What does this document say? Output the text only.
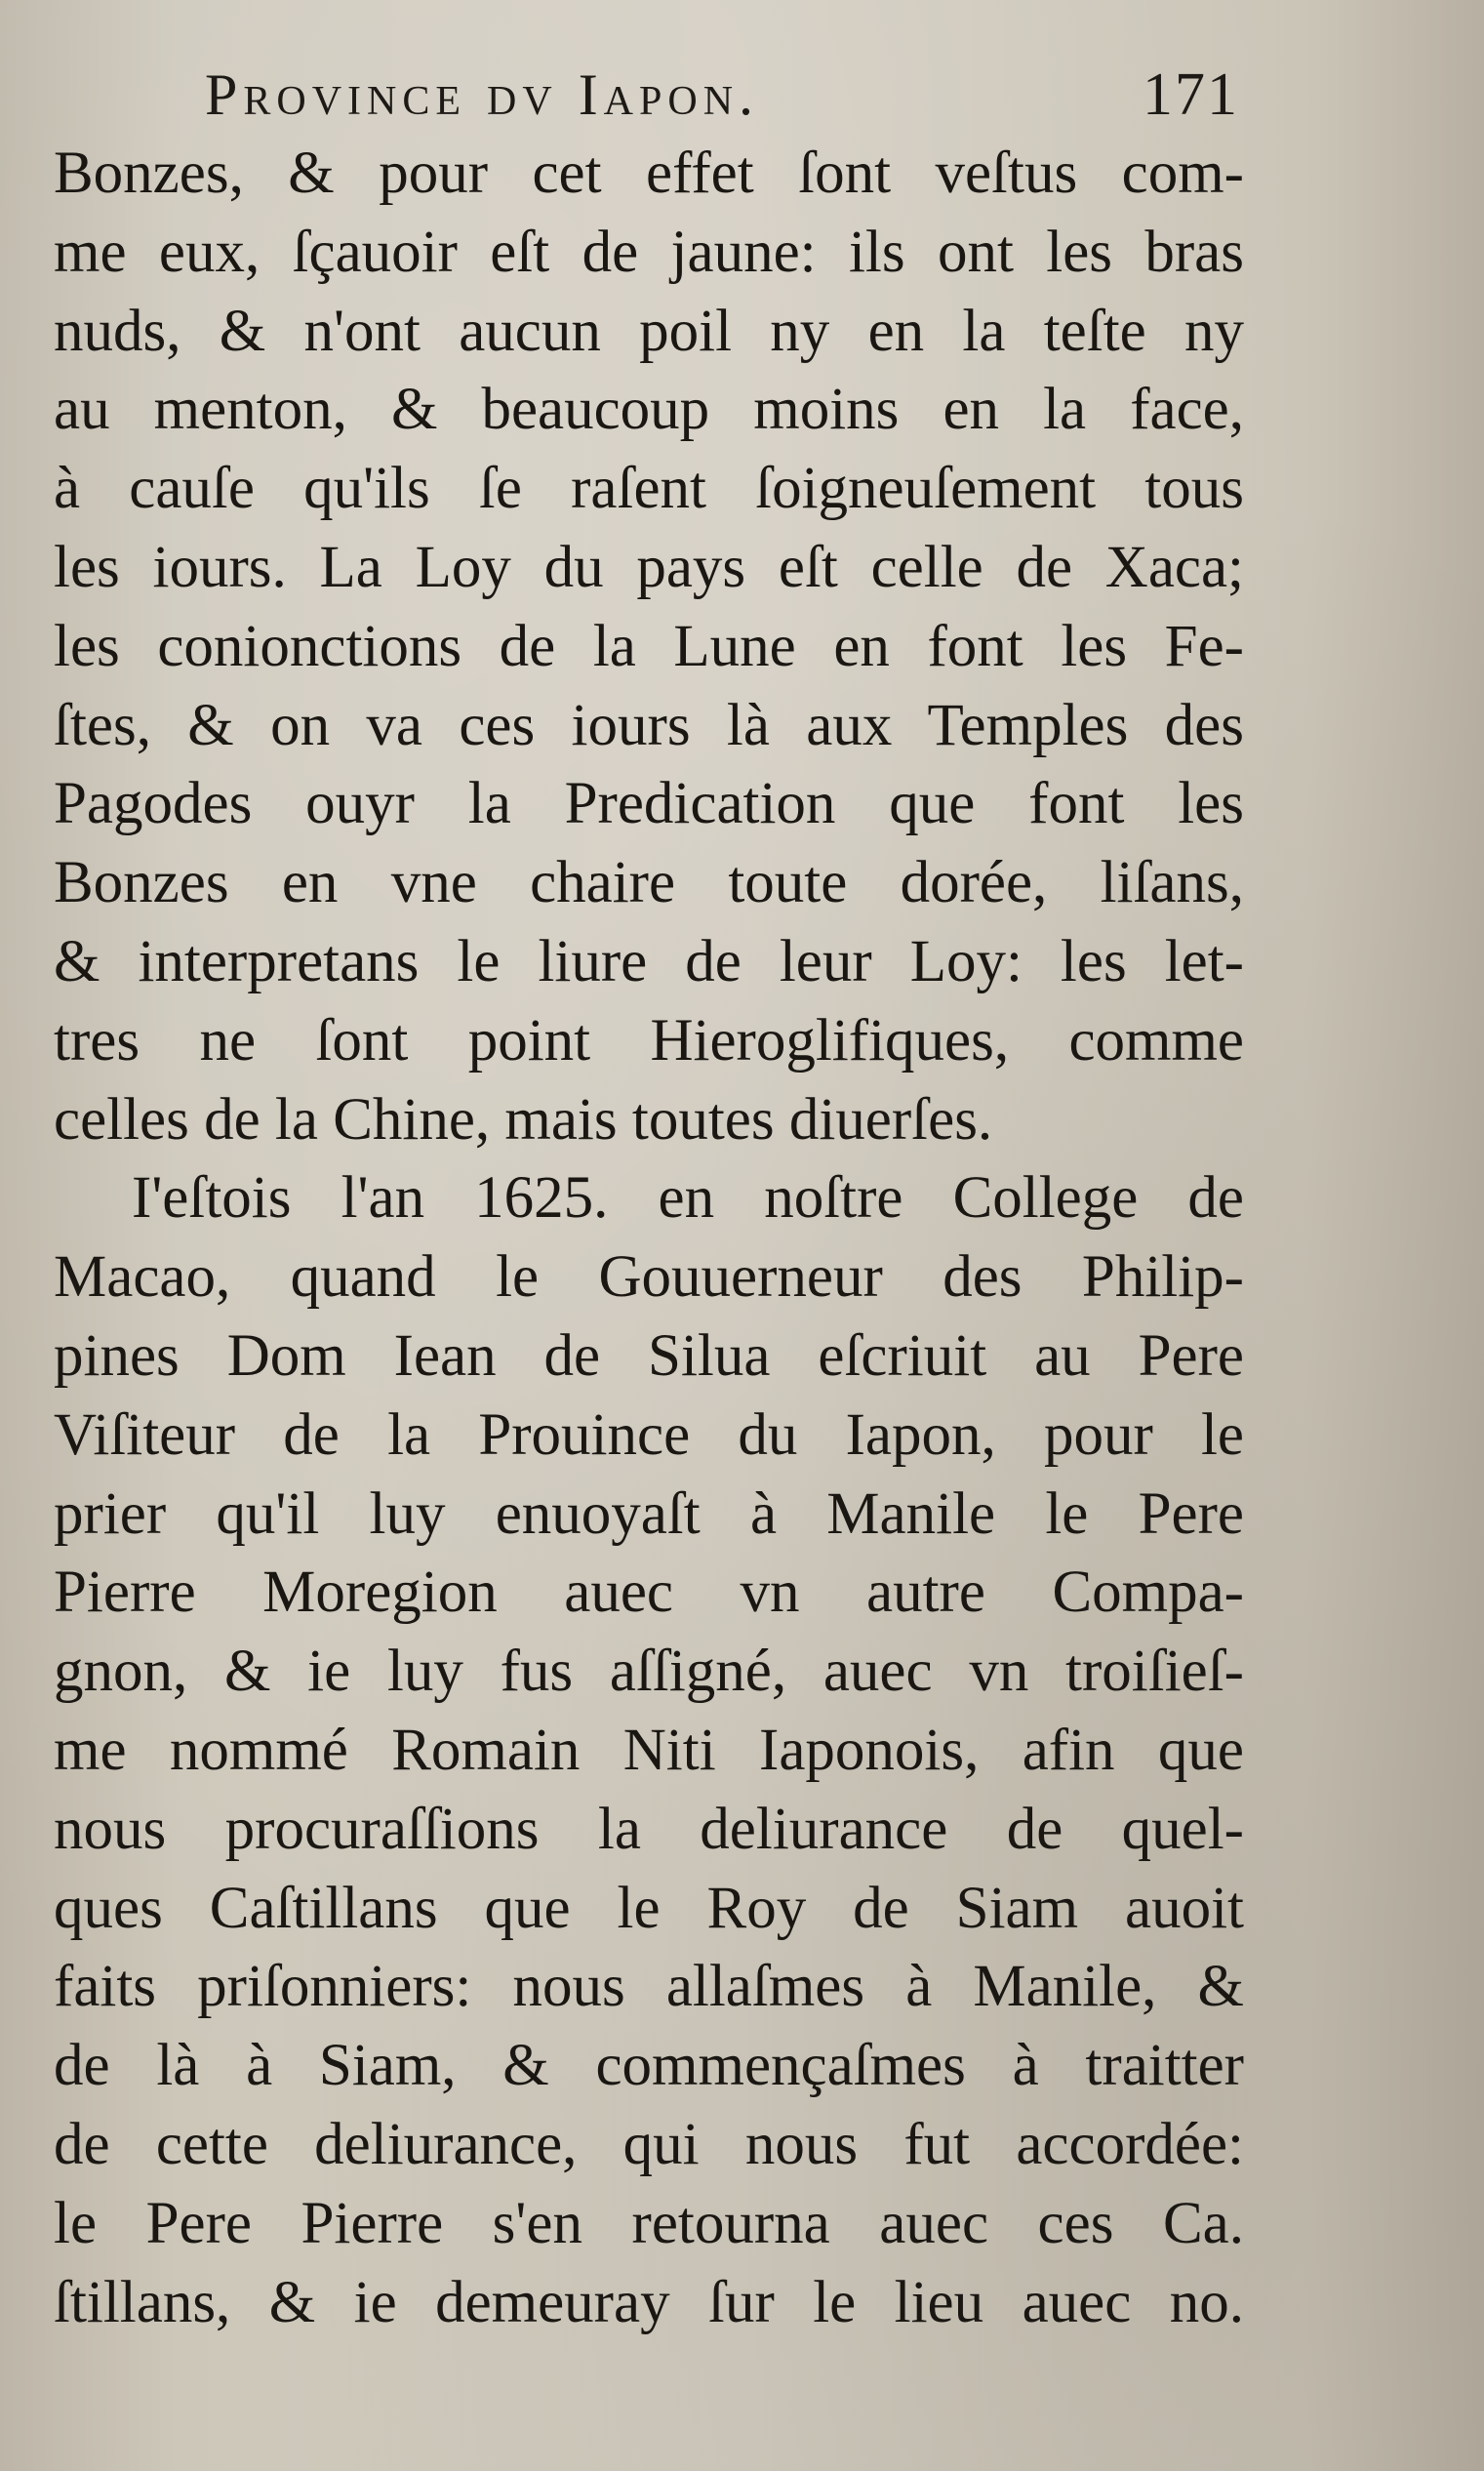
Province dv Iapon.	171
Bonzes, & pour cet effet ſont veſtus com-
me eux, ſçauoir eſt de jaune: ils ont les bras
nuds, & n'ont aucun poil ny en la teſte ny
au menton, & beaucoup moins en la face,
à cauſe qu'ils ſe raſent ſoigneuſement tous
les iours. La Loy du pays eſt celle de Xaca;
les conionctions de la Lune en font les Fe-
ſtes, & on va ces iours là aux Temples des
Pagodes ouyr la Predication que font les
Bonzes en vne chaire toute dorée, liſans,
& interpretans le liure de leur Loy: les let-
tres ne ſont point Hieroglifiques, comme
celles de la Chine, mais toutes diuerſes.
I'eſtois l'an 1625. en noſtre College de
Macao, quand le Gouuerneur des Philip-
pines Dom Iean de Silua eſcriuit au Pere
Viſiteur de la Prouince du Iapon, pour le
prier qu'il luy enuoyaſt à Manile le Pere
Pierre Moregion auec vn autre Compa-
gnon, & ie luy fus aſſigné, auec vn troiſieſ-
me nommé Romain Niti Iaponois, afin que
nous procuraſſions la deliurance de quel-
ques Caſtillans que le Roy de Siam auoit
faits priſonniers: nous allaſmes à Manile, &
de là à Siam, & commençaſmes à traitter
de cette deliurance, qui nous fut accordée:
le Pere Pierre s'en retourna auec ces Ca.
ſtillans, & ie demeuray ſur le lieu auec no.
